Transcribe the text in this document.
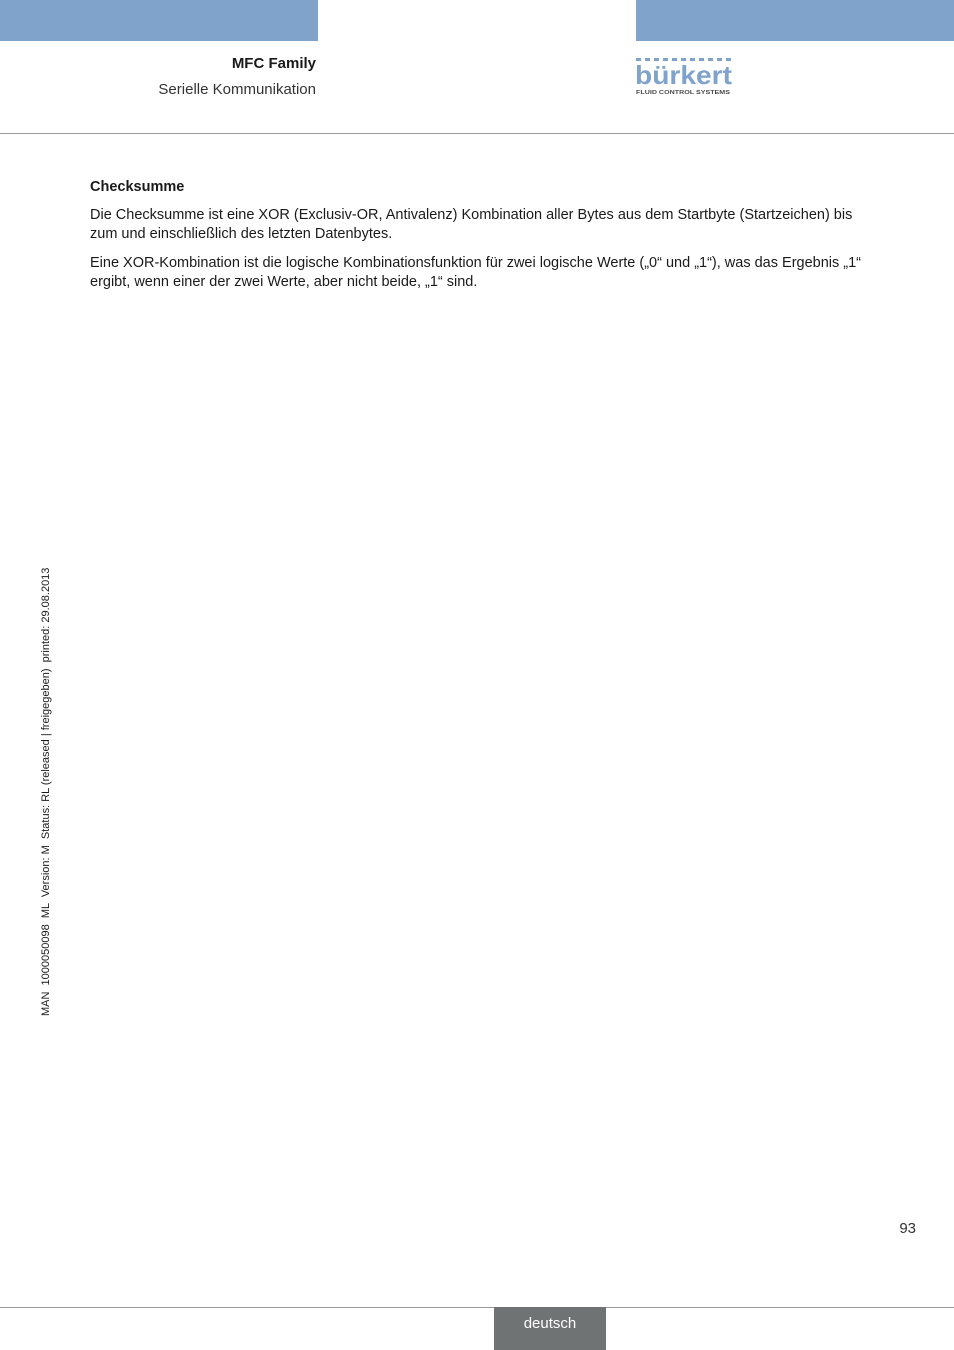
MFC Family
Serielle Kommunikation	bürkert
FLUID CONTROL SYSTEMS
Checksumme

Die Checksumme ist eine XOR (Exclusiv-OR, Antivalenz) Kombination aller Bytes aus dem Startbyte (Startzeichen) bis zum und einschließlich des letzten Datenbytes.

Eine XOR-Kombination ist die logische Kombinationsfunktion für zwei logische Werte („0“ und „1“), was das Ergebnis „1“ ergibt, wenn einer der zwei Werte, aber nicht beide, „1“ sind.

MAN  1000050098  ML  Version: M  Status: RL (released | freigegeben)  printed: 29.08.2013
93
deutsch
